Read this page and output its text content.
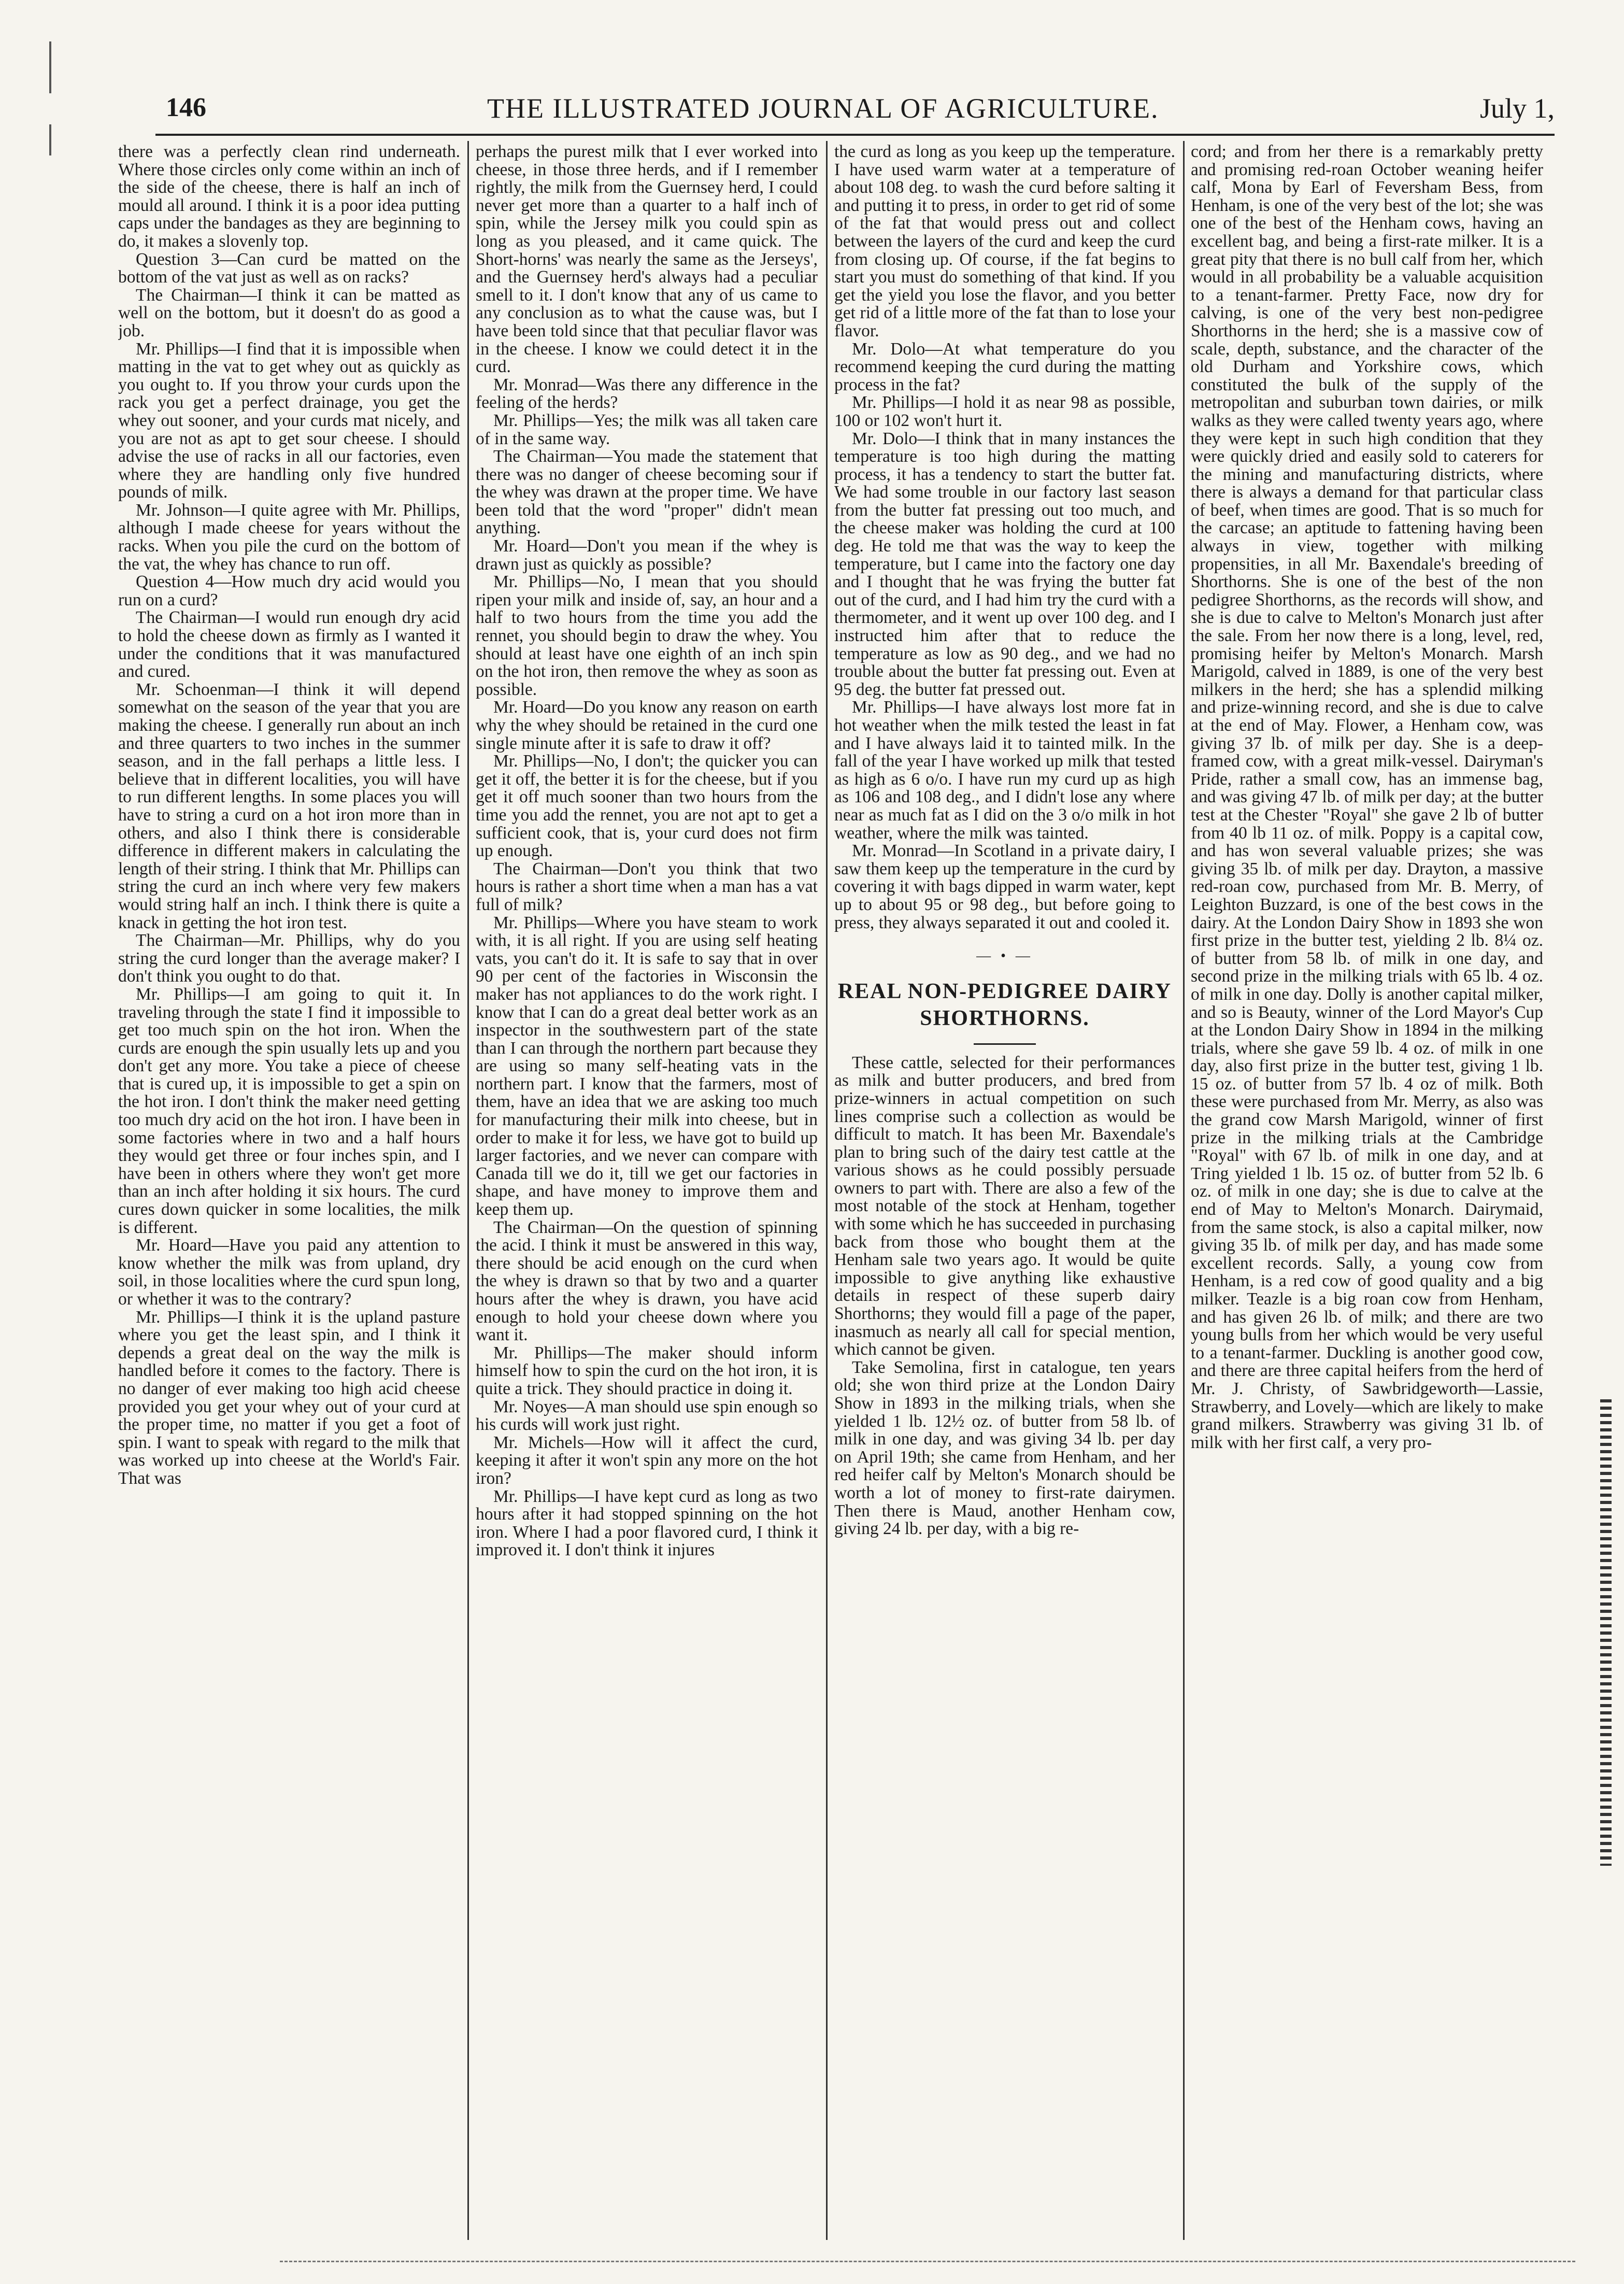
146	THE ILLUSTRATED JOURNAL OF AGRICULTURE.	July 1,

there was a perfectly clean rind underneath. Where those circles only come within an inch of the side of the cheese, there is half an inch of mould all around. I think it is a poor idea putting caps under the bandages as they are beginning to do, it makes a slovenly top.

Question 3—Can curd be matted on the bottom of the vat just as well as on racks?

The Chairman—I think it can be matted as well on the bottom, but it doesn't do as good a job.

Mr. Phillips—I find that it is impossible when matting in the vat to get whey out as quickly as you ought to. If you throw your curds upon the rack you get a perfect drainage, you get the whey out sooner, and your curds mat nicely, and you are not as apt to get sour cheese. I should advise the use of racks in all our factories, even where they are handling only five hundred pounds of milk.

Mr. Johnson—I quite agree with Mr. Phillips, although I made cheese for years without the racks. When you pile the curd on the bottom of the vat, the whey has chance to run off.

Question 4—How much dry acid would you run on a curd?

The Chairman—I would run enough dry acid to hold the cheese down as firmly as I wanted it under the conditions that it was manufactured and cured.

Mr. Schoenman—I think it will depend somewhat on the season of the year that you are making the cheese. I generally run about an inch and three quarters to two inches in the summer season, and in the fall perhaps a little less. I believe that in different localities, you will have to run different lengths. In some places you will have to string a curd on a hot iron more than in others, and also I think there is considerable difference in different makers in calculating the length of their string. I think that Mr. Phillips can string the curd an inch where very few makers would string half an inch. I think there is quite a knack in getting the hot iron test.

The Chairman—Mr. Phillips, why do you string the curd longer than the average maker? I don't think you ought to do that.

Mr. Phillips—I am going to quit it. In traveling through the state I find it impossible to get too much spin on the hot iron. When the curds are enough the spin usually lets up and you don't get any more. You take a piece of cheese that is cured up, it is impossible to get a spin on the hot iron. I don't think the maker need getting too much dry acid on the hot iron. I have been in some factories where in two and a half hours they would get three or four inches spin, and I have been in others where they won't get more than an inch after holding it six hours. The curd cures down quicker in some localities, the milk is different.

Mr. Hoard—Have you paid any attention to know whether the milk was from upland, dry soil, in those localities where the curd spun long, or whether it was to the contrary?

Mr. Phillips—I think it is the upland pasture where you get the least spin, and I think it depends a great deal on the way the milk is handled before it comes to the factory. There is no danger of ever making too high acid cheese provided you get your whey out of your curd at the proper time, no matter if you get a foot of spin. I want to speak with regard to the milk that was worked up into cheese at the World's Fair. That was

perhaps the purest milk that I ever worked into cheese, in those three herds, and if I remember rightly, the milk from the Guernsey herd, I could never get more than a quarter to a half inch of spin, while the Jersey milk you could spin as long as you pleased, and it came quick. The Short-horns' was nearly the same as the Jerseys', and the Guernsey herd's always had a peculiar smell to it. I don't know that any of us came to any conclusion as to what the cause was, but I have been told since that that peculiar flavor was in the cheese. I know we could detect it in the curd.

Mr. Monrad—Was there any difference in the feeling of the herds?

Mr. Phillips—Yes; the milk was all taken care of in the same way.

The Chairman—You made the statement that there was no danger of cheese becoming sour if the whey was drawn at the proper time. We have been told that the word "proper" didn't mean anything.

Mr. Hoard—Don't you mean if the whey is drawn just as quickly as possible?

Mr. Phillips—No, I mean that you should ripen your milk and inside of, say, an hour and a half to two hours from the time you add the rennet, you should begin to draw the whey. You should at least have one eighth of an inch spin on the hot iron, then remove the whey as soon as possible.

Mr. Hoard—Do you know any reason on earth why the whey should be retained in the curd one single minute after it is safe to draw it off?

Mr. Phillips—No, I don't; the quicker you can get it off, the better it is for the cheese, but if you get it off much sooner than two hours from the time you add the rennet, you are not apt to get a sufficient cook, that is, your curd does not firm up enough.

The Chairman—Don't you think that two hours is rather a short time when a man has a vat full of milk?

Mr. Phillips—Where you have steam to work with, it is all right. If you are using self heating vats, you can't do it. It is safe to say that in over 90 per cent of the factories in Wisconsin the maker has not appliances to do the work right. I know that I can do a great deal better work as an inspector in the southwestern part of the state than I can through the northern part because they are using so many self-heating vats in the northern part. I know that the farmers, most of them, have an idea that we are asking too much for manufacturing their milk into cheese, but in order to make it for less, we have got to build up larger factories, and we never can compare with Canada till we do it, till we get our factories in shape, and have money to improve them and keep them up.

The Chairman—On the question of spinning the acid. I think it must be answered in this way, there should be acid enough on the curd when the whey is drawn so that by two and a quarter hours after the whey is drawn, you have acid enough to hold your cheese down where you want it.

Mr. Phillips—The maker should inform himself how to spin the curd on the hot iron, it is quite a trick. They should practice in doing it.

Mr. Noyes—A man should use spin enough so his curds will work just right.

Mr. Michels—How will it affect the curd, keeping it after it won't spin any more on the hot iron?

Mr. Phillips—I have kept curd as long as two hours after it had stopped spinning on the hot iron. Where I had a poor flavored curd, I think it improved it. I don't think it injures

the curd as long as you keep up the temperature. I have used warm water at a temperature of about 108 deg. to wash the curd before salting it and putting it to press, in order to get rid of some of the fat that would press out and collect between the layers of the curd and keep the curd from closing up. Of course, if the fat begins to start you must do something of that kind. If you get the yield you lose the flavor, and you better get rid of a little more of the fat than to lose your flavor.

Mr. Dolo—At what temperature do you recommend keeping the curd during the matting process in the fat?

Mr. Phillips—I hold it as near 98 as possible, 100 or 102 won't hurt it.

Mr. Dolo—I think that in many instances the temperature is too high during the matting process, it has a tendency to start the butter fat. We had some trouble in our factory last season from the butter fat pressing out too much, and the cheese maker was holding the curd at 100 deg. He told me that was the way to keep the temperature, but I came into the factory one day and I thought that he was frying the butter fat out of the curd, and I had him try the curd with a thermometer, and it went up over 100 deg. and I instructed him after that to reduce the temperature as low as 90 deg., and we had no trouble about the butter fat pressing out. Even at 95 deg. the butter fat pressed out.

Mr. Phillips—I have always lost more fat in hot weather when the milk tested the least in fat and I have always laid it to tainted milk. In the fall of the year I have worked up milk that tested as high as 6 o/o. I have run my curd up as high as 106 and 108 deg., and I didn't lose any where near as much fat as I did on the 3 o/o milk in hot weather, where the milk was tainted.

Mr. Monrad—In Scotland in a private dairy, I saw them keep up the temperature in the curd by covering it with bags dipped in warm water, kept up to about 95 or 98 deg., but before going to press, they always separated it out and cooled it.

— • —
REAL NON-PEDIGREE DAIRY SHORTHORNS.

These cattle, selected for their performances as milk and butter producers, and bred from prize-winners in actual competition on such lines comprise such a collection as would be difficult to match. It has been Mr. Baxendale's plan to bring such of the dairy test cattle at the various shows as he could possibly persuade owners to part with. There are also a few of the most notable of the stock at Henham, together with some which he has succeeded in purchasing back from those who bought them at the Henham sale two years ago. It would be quite impossible to give anything like exhaustive details in respect of these superb dairy Shorthorns; they would fill a page of the paper, inasmuch as nearly all call for special mention, which cannot be given.

Take Semolina, first in catalogue, ten years old; she won third prize at the London Dairy Show in 1893 in the milking trials, when she yielded 1 lb. 12½ oz. of butter from 58 lb. of milk in one day, and was giving 34 lb. per day on April 19th; she came from Henham, and her red heifer calf by Melton's Monarch should be worth a lot of money to first-rate dairymen. Then there is Maud, another Henham cow, giving 24 lb. per day, with a big re-

cord; and from her there is a remarkably pretty and promising red-roan October weaning heifer calf, Mona by Earl of Feversham Bess, from Henham, is one of the very best of the lot; she was one of the best of the Henham cows, having an excellent bag, and being a first-rate milker. It is a great pity that there is no bull calf from her, which would in all probability be a valuable acquisition to a tenant-farmer. Pretty Face, now dry for calving, is one of the very best non-pedigree Shorthorns in the herd; she is a massive cow of scale, depth, substance, and the character of the old Durham and Yorkshire cows, which constituted the bulk of the supply of the metropolitan and suburban town dairies, or milk walks as they were called twenty years ago, where they were kept in such high condition that they were quickly dried and easily sold to caterers for the mining and manufacturing districts, where there is always a demand for that particular class of beef, when times are good. That is so much for the carcase; an aptitude to fattening having been always in view, together with milking propensities, in all Mr. Baxendale's breeding of Shorthorns. She is one of the best of the non pedigree Shorthorns, as the records will show, and she is due to calve to Melton's Monarch just after the sale. From her now there is a long, level, red, promising heifer by Melton's Monarch. Marsh Marigold, calved in 1889, is one of the very best milkers in the herd; she has a splendid milking and prize-winning record, and she is due to calve at the end of May. Flower, a Henham cow, was giving 37 lb. of milk per day. She is a deep-framed cow, with a great milk-vessel. Dairyman's Pride, rather a small cow, has an immense bag, and was giving 47 lb. of milk per day; at the butter test at the Chester "Royal" she gave 2 lb of butter from 40 lb 11 oz. of milk. Poppy is a capital cow, and has won several valuable prizes; she was giving 35 lb. of milk per day. Drayton, a massive red-roan cow, purchased from Mr. B. Merry, of Leighton Buzzard, is one of the best cows in the dairy. At the London Dairy Show in 1893 she won first prize in the butter test, yielding 2 lb. 8¼ oz. of butter from 58 lb. of milk in one day, and second prize in the milking trials with 65 lb. 4 oz. of milk in one day. Dolly is another capital milker, and so is Beauty, winner of the Lord Mayor's Cup at the London Dairy Show in 1894 in the milking trials, where she gave 59 lb. 4 oz. of milk in one day, also first prize in the butter test, giving 1 lb. 15 oz. of butter from 57 lb. 4 oz of milk. Both these were purchased from Mr. Merry, as also was the grand cow Marsh Marigold, winner of first prize in the milking trials at the Cambridge "Royal" with 67 lb. of milk in one day, and at Tring yielded 1 lb. 15 oz. of butter from 52 lb. 6 oz. of milk in one day; she is due to calve at the end of May to Melton's Monarch. Dairymaid, from the same stock, is also a capital milker, now giving 35 lb. of milk per day, and has made some excellent records. Sally, a young cow from Henham, is a red cow of good quality and a big milker. Teazle is a big roan cow from Henham, and has given 26 lb. of milk; and there are two young bulls from her which would be very useful to a tenant-farmer. Duckling is another good cow, and there are three capital heifers from the herd of Mr. J. Christy, of Sawbridgeworth—Lassie, Strawberry, and Lovely—which are likely to make grand milkers. Strawberry was giving 31 lb. of milk with her first calf, a very pro-
